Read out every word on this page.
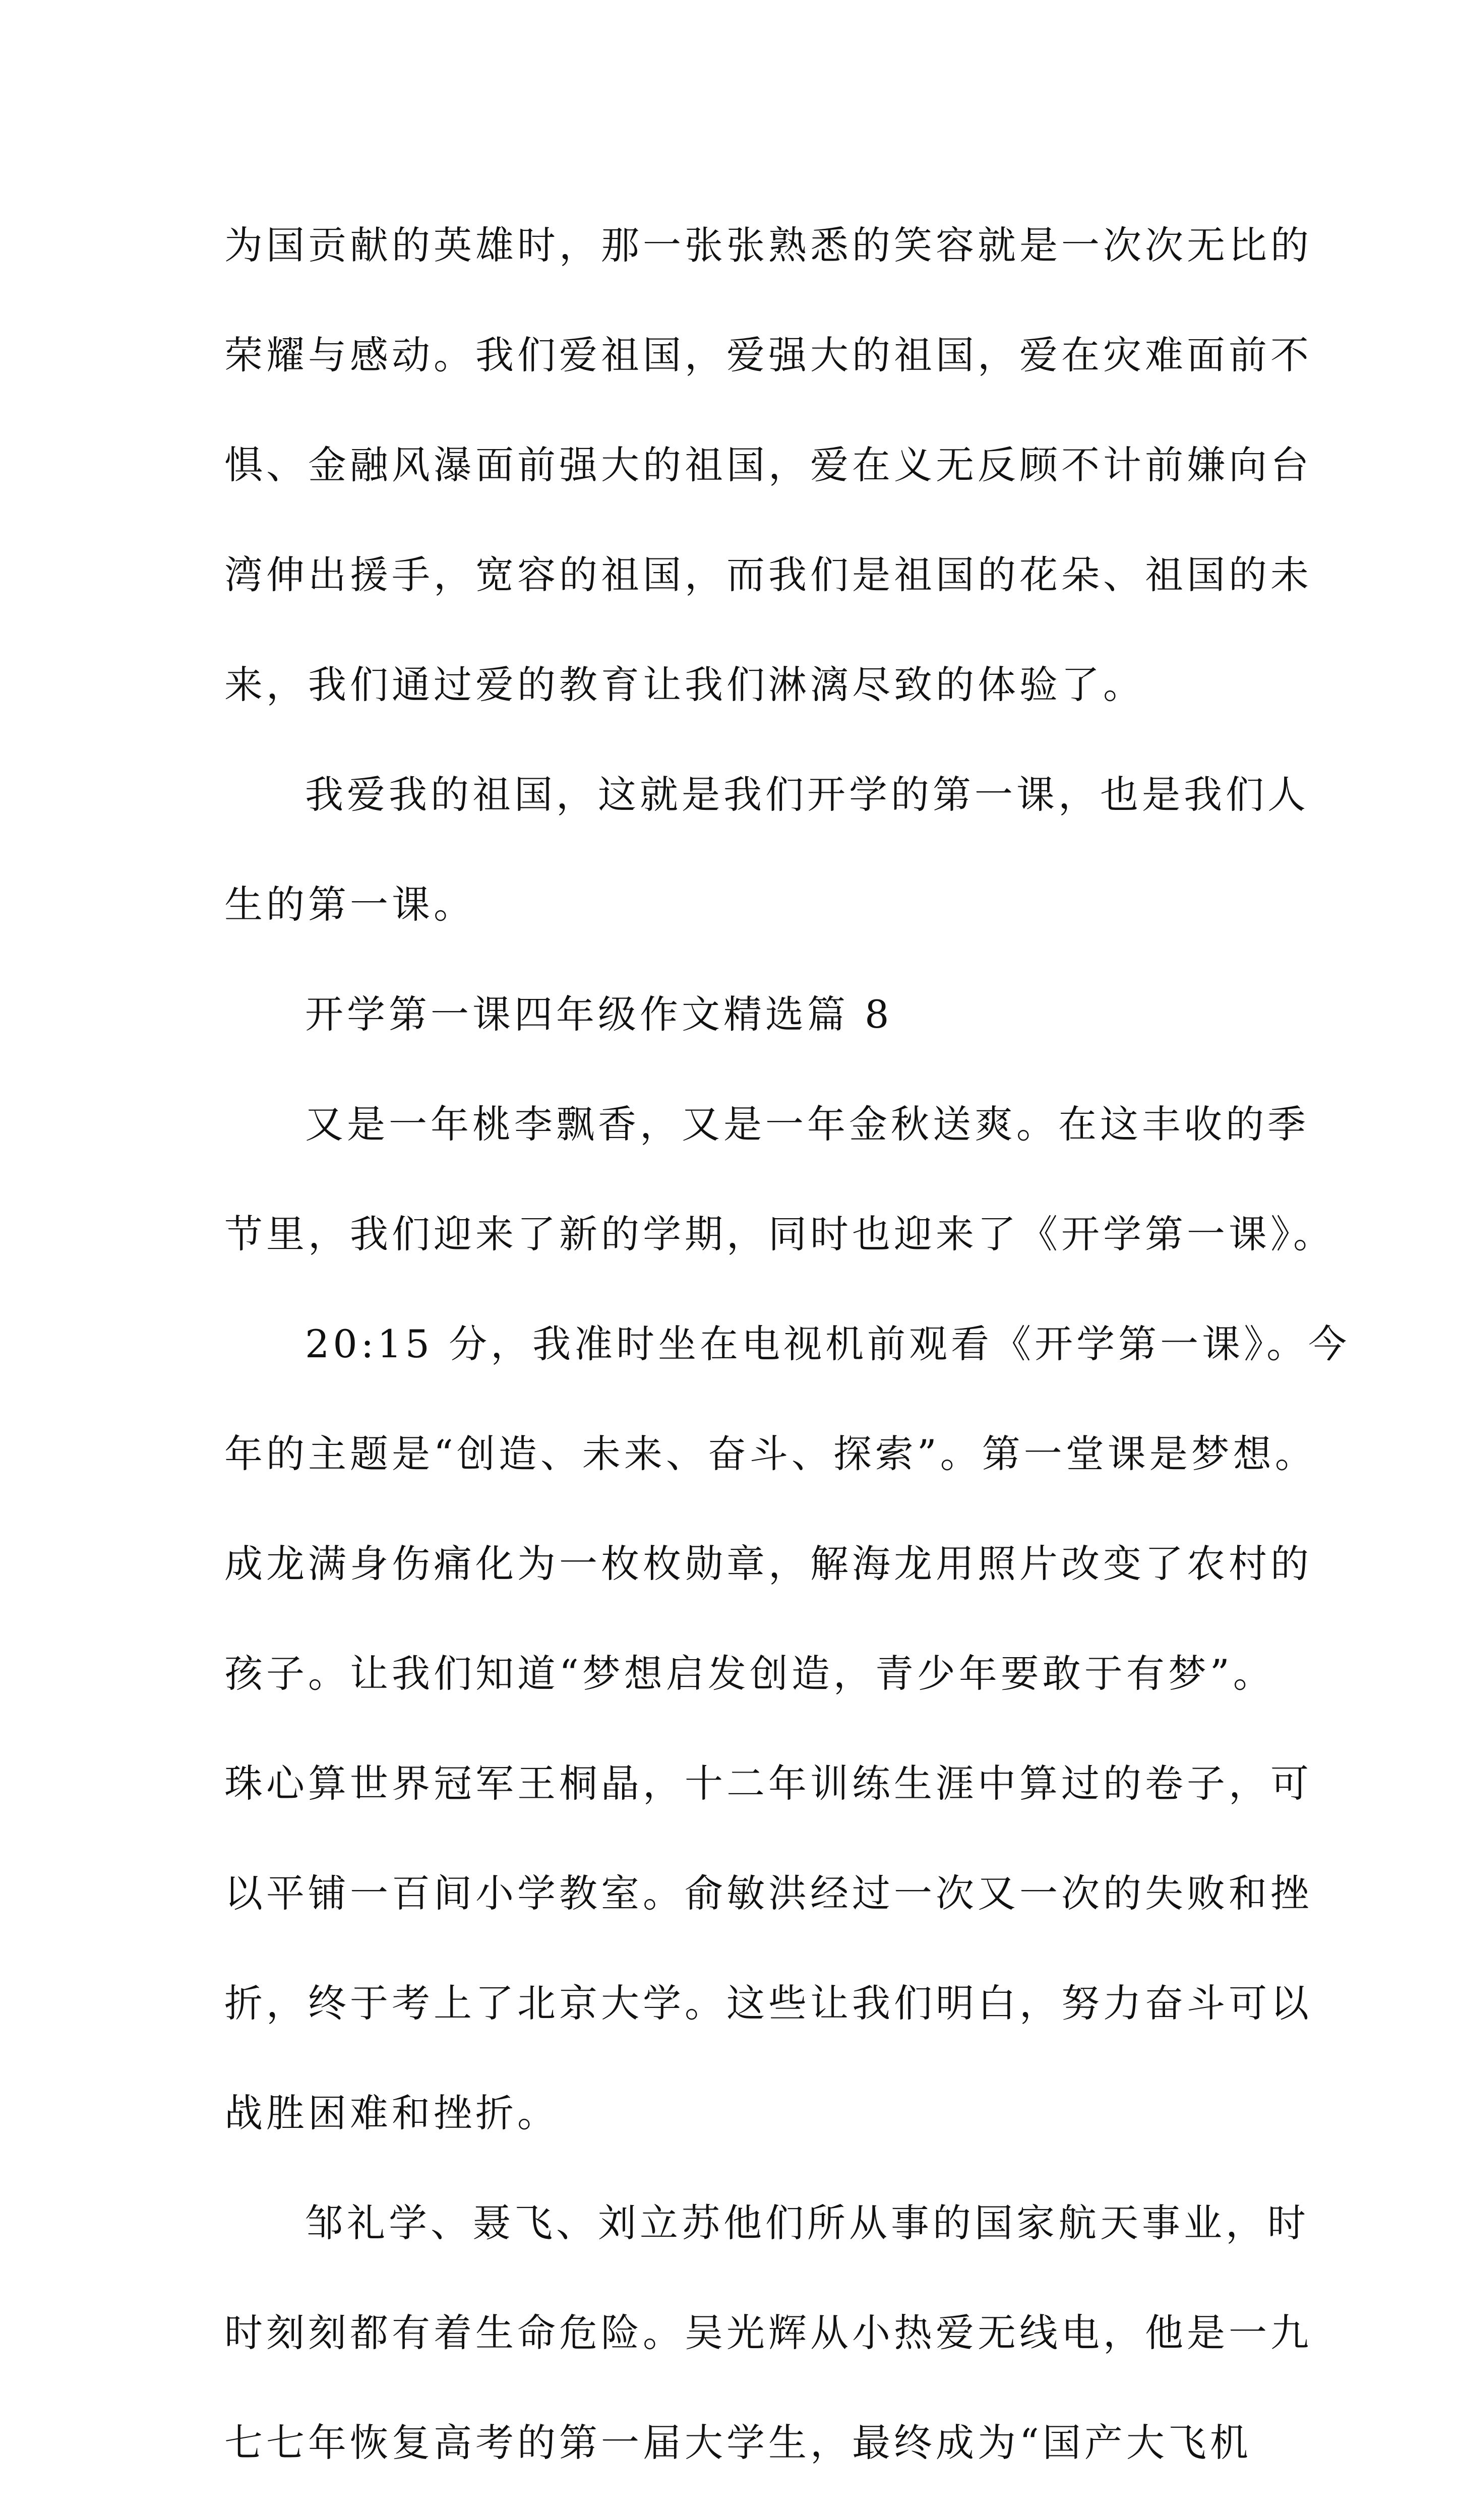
为国贡献的英雄时，那一张张熟悉的笑容就是一次次无比的
荣耀与感动。我们爱祖国，爱强大的祖国，爱在灾难面前不
惧、金融风瀑面前强大的祖国，爱在义无反顾不计前嫌向台
湾伸出援手，宽容的祖国，而我们是祖国的花朵、祖国的未
来，我们通过爱的教育让我们淋漓尽致的体验了。

我爱我的祖国，这就是我们开学的第一课，也是我们人
生的第一课。

开学第一课四年级作文精选篇 8

又是一年桃李飘香，又是一年金秋送爽。在这丰收的季
节里，我们迎来了新的学期，同时也迎来了《开学第一课》。

20:15 分，我准时坐在电视机前观看《开学第一课》。今
年的主题是“创造、未来、奋斗、探索”。第一堂课是梦想。
成龙满身伤痛化为一枚枚勋章，解海龙用照片改变了农村的
孩子。让我们知道“梦想启发创造，青少年要敢于有梦”。
珠心算世界冠军王桐晶，十二年训练生涯中算过的卷子，可
以平铺一百间小学教室。俞敏洪经过一次又一次的失败和挫
折，终于考上了北京大学。这些让我们明白，努力奋斗可以
战胜困难和挫折。

邹礼学、聂飞、刘立苏他们所从事的国家航天事业，时
时刻刻都有着生命危险。吴光辉从小热爱无线电，他是一九
七七年恢复高考的第一届大学生，最终成为“国产大飞机
